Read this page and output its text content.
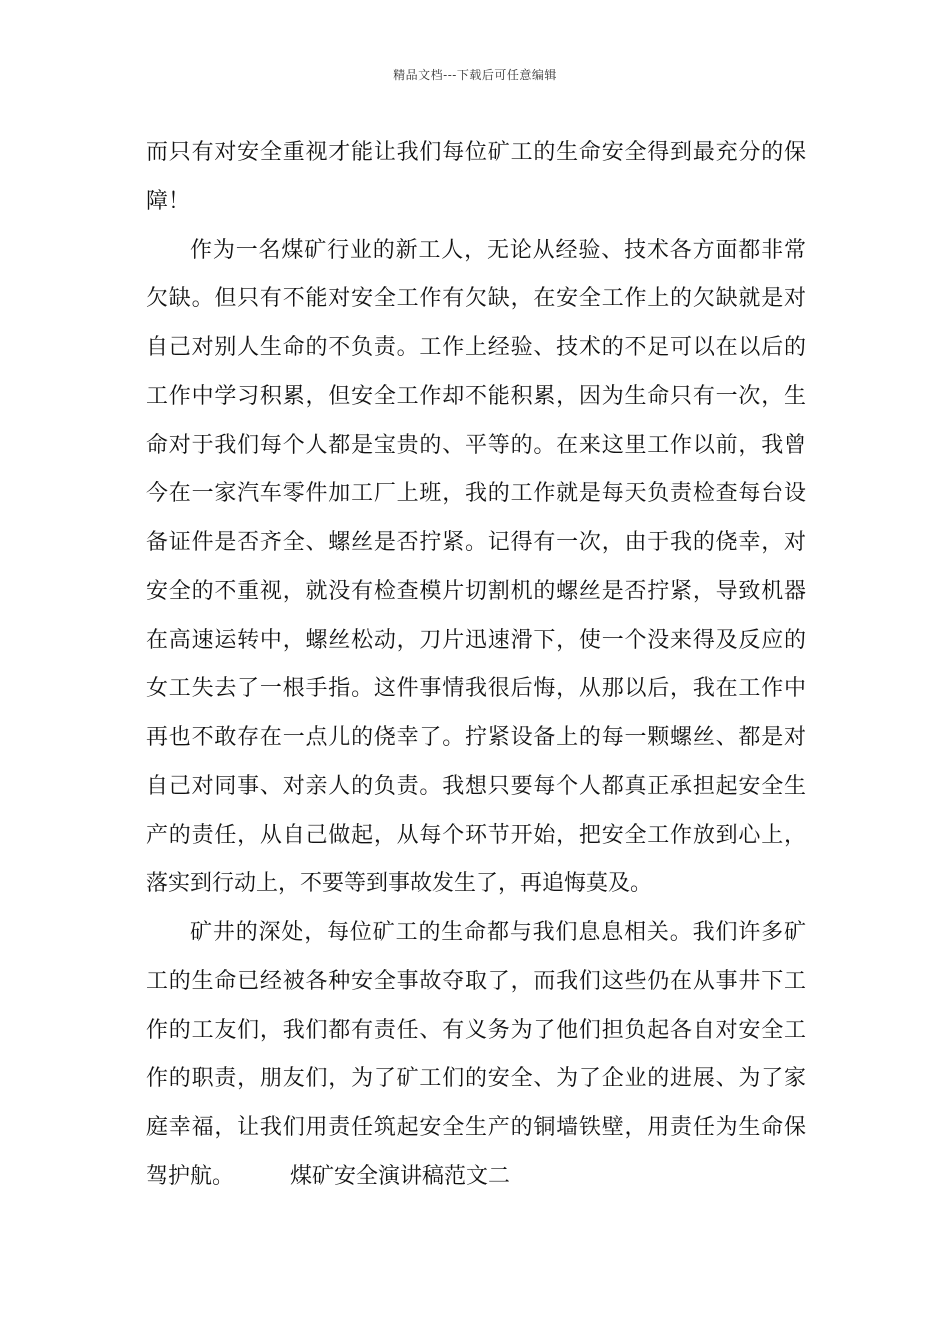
精品文档---下载后可任意编辑
而只有对安全重视才能让我们每位矿工的生命安全得到最充分的保
障！
作为一名煤矿行业的新工人，无论从经验、技术各方面都非常
欠缺。但只有不能对安全工作有欠缺，在安全工作上的欠缺就是对
自己对别人生命的不负责。工作上经验、技术的不足可以在以后的
工作中学习积累，但安全工作却不能积累，因为生命只有一次，生
命对于我们每个人都是宝贵的、平等的。在来这里工作以前，我曾
今在一家汽车零件加工厂上班，我的工作就是每天负责检查每台设
备证件是否齐全、螺丝是否拧紧。记得有一次，由于我的侥幸，对
安全的不重视，就没有检查模片切割机的螺丝是否拧紧，导致机器
在高速运转中，螺丝松动，刀片迅速滑下，使一个没来得及反应的
女工失去了一根手指。这件事情我很后悔，从那以后，我在工作中
再也不敢存在一点儿的侥幸了。拧紧设备上的每一颗螺丝、都是对
自己对同事、对亲人的负责。我想只要每个人都真正承担起安全生
产的责任，从自己做起，从每个环节开始，把安全工作放到心上，
落实到行动上，不要等到事故发生了，再追悔莫及。
矿井的深处，每位矿工的生命都与我们息息相关。我们许多矿
工的生命已经被各种安全事故夺取了，而我们这些仍在从事井下工
作的工友们，我们都有责任、有义务为了他们担负起各自对安全工
作的职责，朋友们，为了矿工们的安全、为了企业的进展、为了家
庭幸福，让我们用责任筑起安全生产的铜墙铁壁，用责任为生命保
驾护航。	煤矿安全演讲稿范文二
